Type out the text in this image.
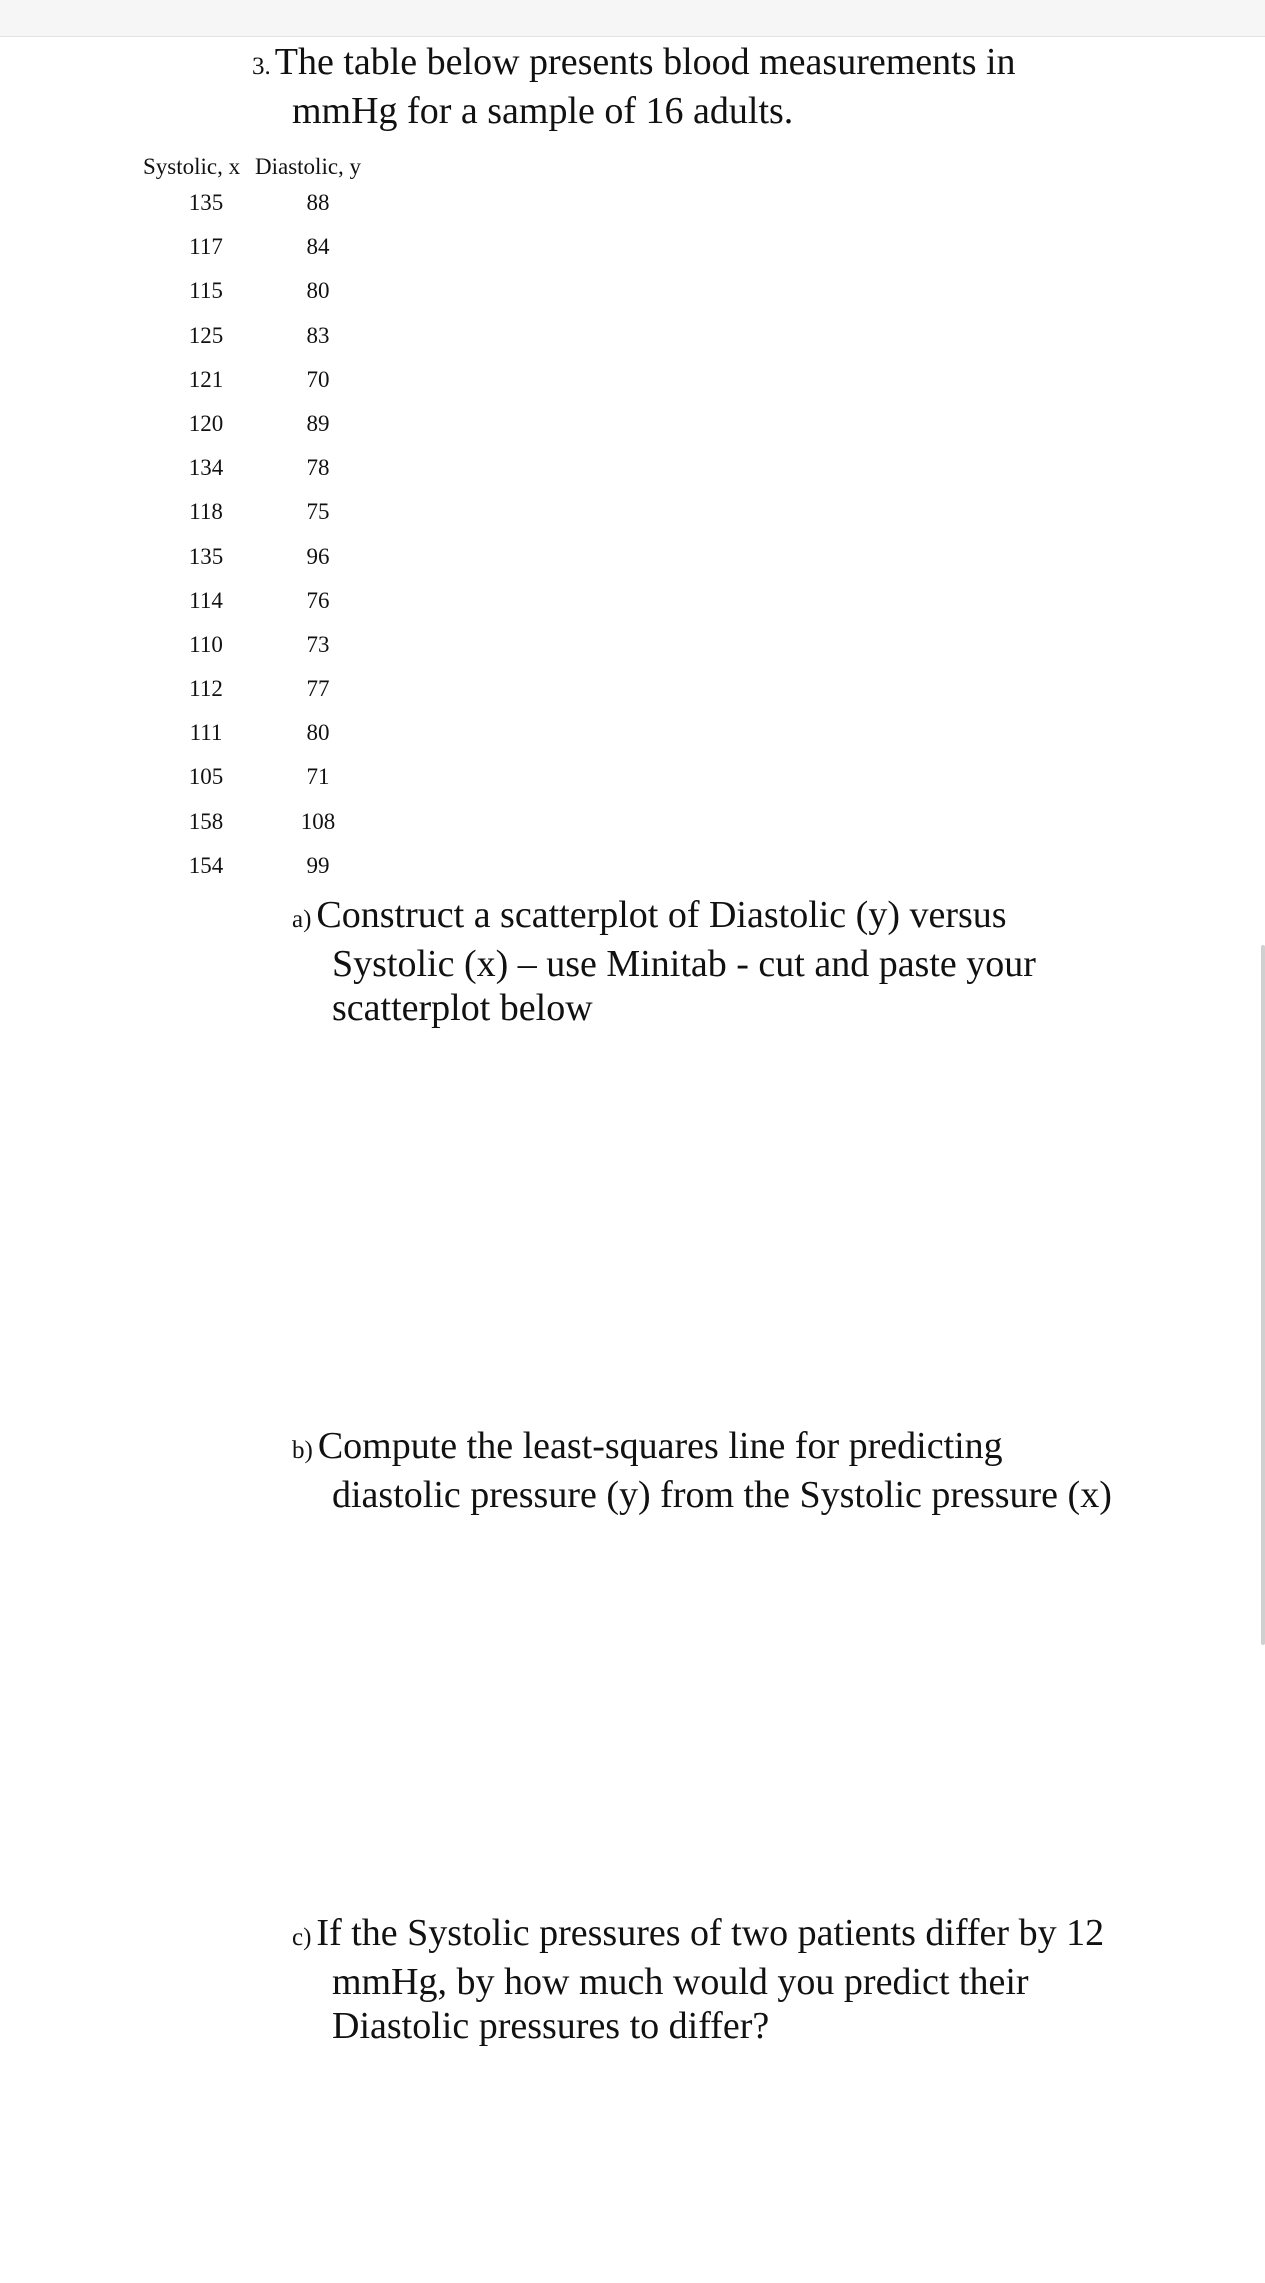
3. The table below presents blood measurements in
mmHg for a sample of 16 adults.
Systolic, x Diastolic, y
135	88
117	84
115	80
125	83
121	70
120	89
134	78
118	75
135	96
114	76
110	73
112	77
111	80
105	71
158	108
154	99
a) Construct a scatterplot of Diastolic (y) versus
Systolic (x) – use Minitab - cut and paste your
scatterplot below
b) Compute the least-squares line for predicting
diastolic pressure (y) from the Systolic pressure (x)
c) If the Systolic pressures of two patients differ by 12
mmHg, by how much would you predict their
Diastolic pressures to differ?
